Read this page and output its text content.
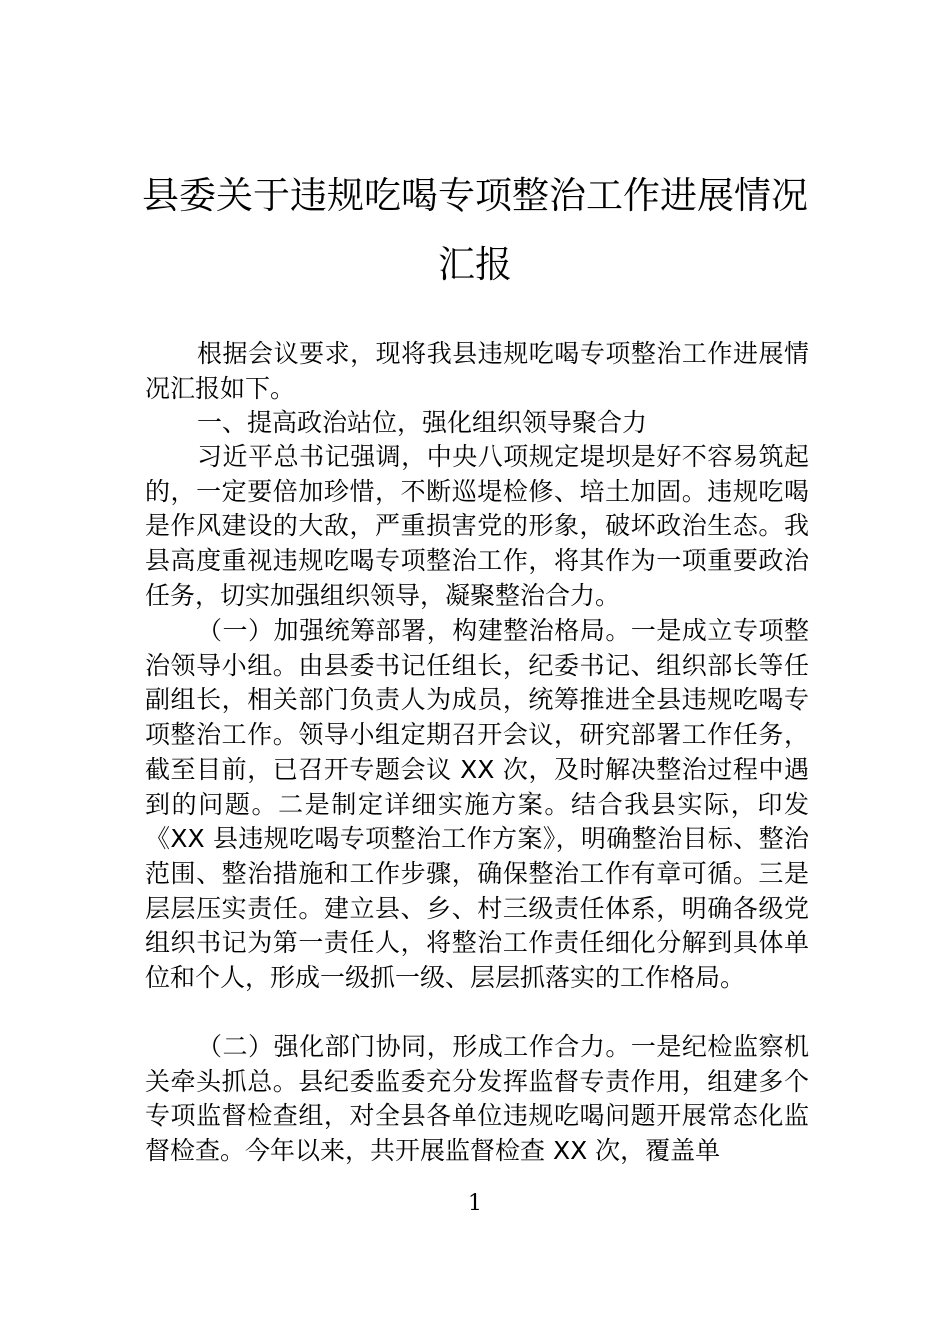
县委关于违规吃喝专项整治工作进展情况
汇报

根据会议要求，现将我县违规吃喝专项整治工作进展情况汇报如下。

一、提高政治站位，强化组织领导聚合力

习近平总书记强调，中央八项规定堤坝是好不容易筑起的，一定要倍加珍惜，不断巡堤检修、培土加固。违规吃喝是作风建设的大敌，严重损害党的形象，破坏政治生态。我县高度重视违规吃喝专项整治工作，将其作为一项重要政治任务，切实加强组织领导，凝聚整治合力。

（一）加强统筹部署，构建整治格局。一是成立专项整治领导小组。由县委书记任组长，纪委书记、组织部长等任副组长，相关部门负责人为成员，统筹推进全县违规吃喝专项整治工作。领导小组定期召开会议，研究部署工作任务，截至目前，已召开专题会议 XX 次，及时解决整治过程中遇到的问题。二是制定详细实施方案。结合我县实际，印发《XX 县违规吃喝专项整治工作方案》，明确整治目标、整治范围、整治措施和工作步骤，确保整治工作有章可循。三是层层压实责任。建立县、乡、村三级责任体系，明确各级党组织书记为第一责任人，将整治工作责任细化分解到具体单位和个人，形成一级抓一级、层层抓落实的工作格局。

（二）强化部门协同，形成工作合力。一是纪检监察机关牵头抓总。县纪委监委充分发挥监督专责作用，组建多个专项监督检查组，对全县各单位违规吃喝问题开展常态化监督检查。今年以来，共开展监督检查 XX 次，覆盖单

1
